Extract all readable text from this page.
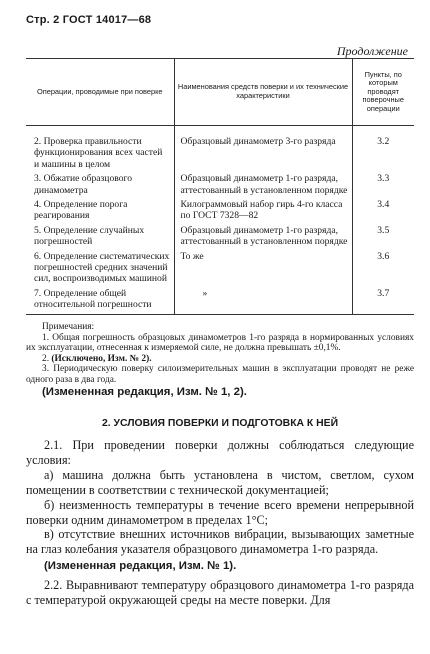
Стр. 2 ГОСТ 14017—68
Продолжение
Операции, проводимые при поверке	Наименования средств поверки и их технические характеристики	Пункты, по которым проводят поверочные операции
2. Проверка правильности функционирования всех частей и машины в целом	Образцовый динамометр 3-го разряда	3.2
3. Обжатие образцового динамометра	Образцовый динамометр 1-го разряда, аттестованный в установленном порядке	3.3
4. Определение порога реагирования	Килограммовый набор гирь 4-го класса по ГОСТ 7328—82	3.4
5. Определение случайных погрешностей	Образцовый динамометр 1-го разряда, аттестованный в установленном порядке	3.5
6. Определение систематических погрешностей средних значений сил, воспроизводимых машиной	То же	3.6
7. Определение общей относительной погрешности	»	3.7

Примечания:

1. Общая погрешность образцовых динамометров 1-го разряда в нормированных условиях их эксплуатации, отнесенная к измеряемой силе, не должна превышать ±0,1%.

2. (Исключено, Изм. № 2).

3. Периодическую поверку силоизмерительных машин в эксплуатации проводят не реже одного раза в два года.

(Измененная редакция, Изм. № 1, 2).
2. УСЛОВИЯ ПОВЕРКИ И ПОДГОТОВКА К НЕЙ

2.1. При проведении поверки должны соблюдаться следующие условия:

а) машина должна быть установлена в чистом, светлом, сухом помещении в соответствии с технической документацией;

б) неизменность температуры в течение всего времени непрерывной поверки одним динамометром в пределах 1°С;

в) отсутствие внешних источников вибрации, вызывающих заметные на глаз колебания указателя образцового динамометра 1-го разряда.

(Измененная редакция, Изм. № 1).

2.2. Выравнивают температуру образцового динамометра 1-го разряда с температурой окружающей среды на месте поверки. Для
